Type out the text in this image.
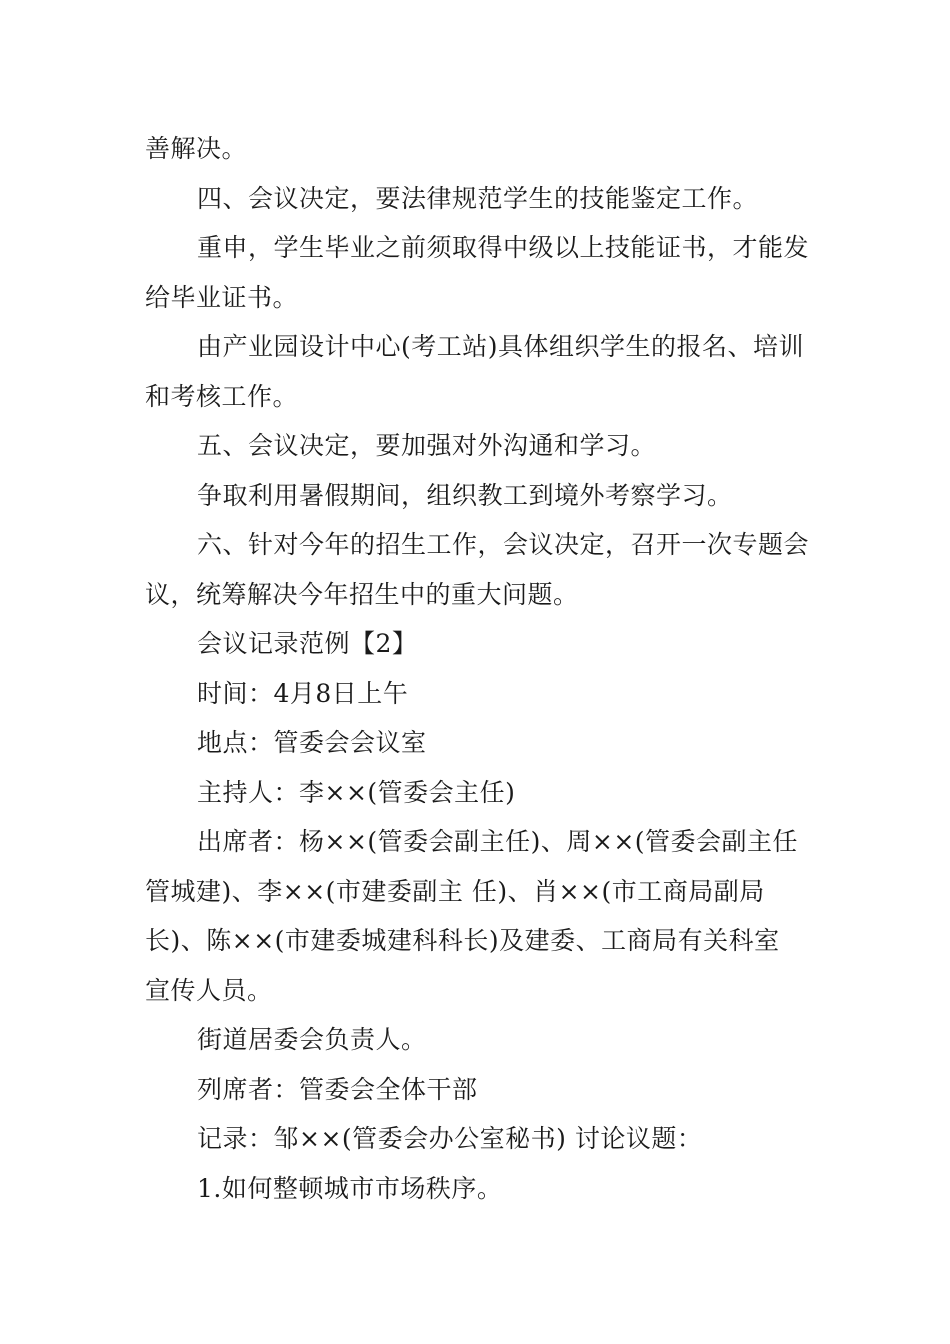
善解决。

四、会议决定，要法律规范学生的技能鉴定工作。

重申，学生毕业之前须取得中级以上技能证书，才能发给毕业证书。

由产业园设计中心(考工站)具体组织学生的报名、培训和考核工作。

五、会议决定，要加强对外沟通和学习。

争取利用暑假期间，组织教工到境外考察学习。

六、针对今年的招生工作，会议决定，召开一次专题会议，统筹解决今年招生中的重大问题。

会议记录范例【2】

时间：4月8日上午

地点：管委会会议室

主持人：李××(管委会主任)

出席者：杨××(管委会副主任)、周××(管委会副主任管城建)、李××(市建委副主 任)、肖××(市工商局副局长)、陈××(市建委城建科科长)及建委、工商局有关科室 宣传人员。

街道居委会负责人。

列席者：管委会全体干部

记录：邹××(管委会办公室秘书) 讨论议题：

1.如何整顿城市市场秩序。
